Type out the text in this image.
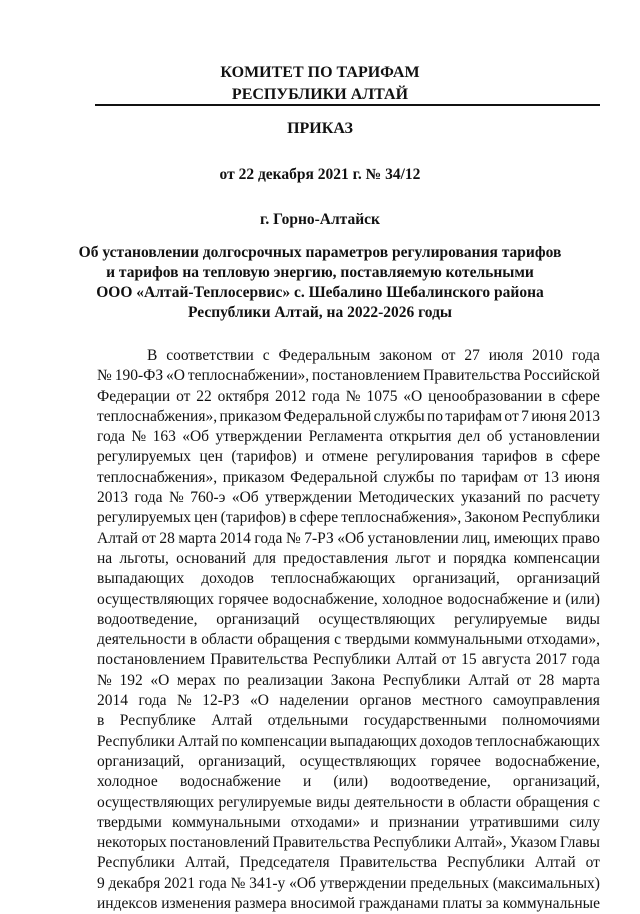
КОМИТЕТ ПО ТАРИФАМ
РЕСПУБЛИКИ АЛТАЙ
ПРИКАЗ
от 22 декабря 2021 г. № 34/12
г. Горно-Алтайск
Об установлении долгосрочных параметров регулирования тарифов
и тарифов на тепловую энергию, поставляемую котельными
ООО «Алтай-Теплосервис» с. Шебалино Шебалинского района
Республики Алтай, на 2022-2026 годы
В соответствии с Федеральным законом от 27 июля 2010 года
№ 190-ФЗ «О теплоснабжении», постановлением Правительства Российской
Федерации от 22 октября 2012 года № 1075 «О ценообразовании в сфере
теплоснабжения», приказом Федеральной службы по тарифам от 7 июня 2013
года № 163 «Об утверждении Регламента открытия дел об установлении
регулируемых цен (тарифов) и отмене регулирования тарифов в сфере
теплоснабжения», приказом Федеральной службы по тарифам от 13 июня
2013 года № 760-э «Об утверждении Методических указаний по расчету
регулируемых цен (тарифов) в сфере теплоснабжения», Законом Республики
Алтай от 28 марта 2014 года № 7-РЗ «Об установлении лиц, имеющих право
на льготы, оснований для предоставления льгот и порядка компенсации
выпадающих доходов теплоснабжающих организаций, организаций
осуществляющих горячее водоснабжение, холодное водоснабжение и (или)
водоотведение, организаций осуществляющих регулируемые виды
деятельности в области обращения с твердыми коммунальными отходами»,
постановлением Правительства Республики Алтай от 15 августа 2017 года
№ 192 «О мерах по реализации Закона Республики Алтай от 28 марта
2014 года № 12-РЗ «О наделении органов местного самоуправления
в Республике Алтай отдельными государственными полномочиями
Республики Алтай по компенсации выпадающих доходов теплоснабжающих
организаций, организаций, осуществляющих горячее водоснабжение,
холодное водоснабжение и (или) водоотведение, организаций,
осуществляющих регулируемые виды деятельности в области обращения с
твердыми коммунальными отходами» и признании утратившими силу
некоторых постановлений Правительства Республики Алтай», Указом Главы
Республики Алтай, Председателя Правительства Республики Алтай от
9 декабря 2021 года № 341-у «Об утверждении предельных (максимальных)
индексов изменения размера вносимой гражданами платы за коммунальные
